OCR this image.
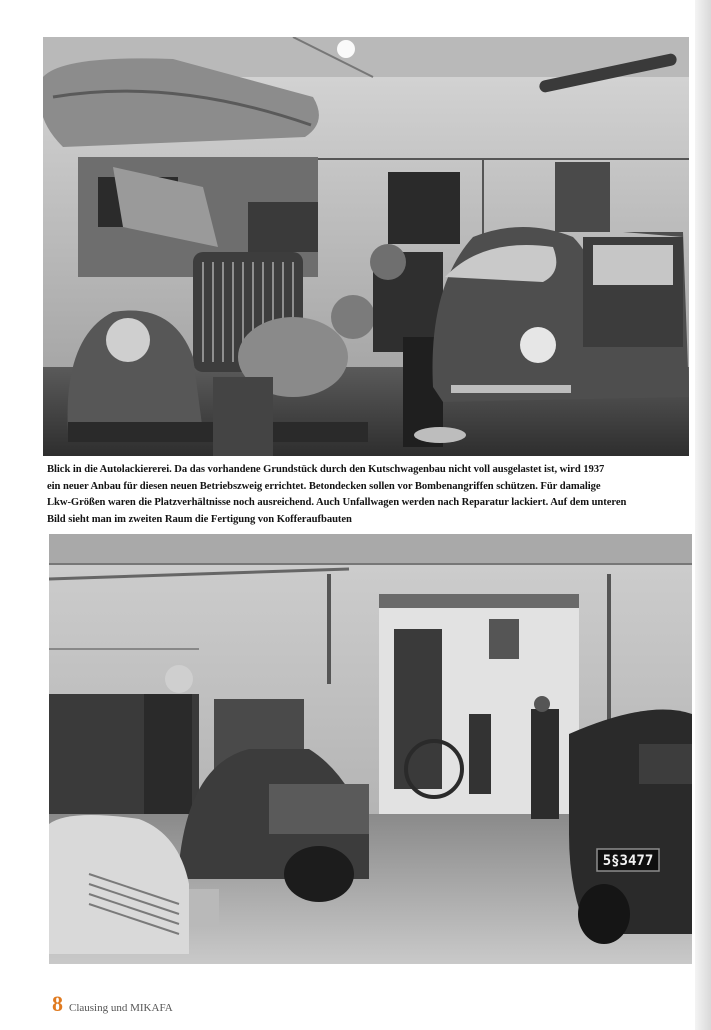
Blick in die Autolackiererei. Da das vorhandene Grundstück durch den Kutschwagenbau nicht voll ausgelastet ist, wird 1937
ein neuer Anbau für diesen neuen Betriebszweig errichtet. Betondecken sollen vor Bombenangriffen schützen. Für damalige
Lkw-Größen waren die Platzverhältnisse noch ausreichend. Auch Unfallwagen werden nach Reparatur lackiert. Auf dem unteren
Bild sieht man im zweiten Raum die Fertigung von Kofferaufbauten
5§3477
8 Clausing und MIKAFA
